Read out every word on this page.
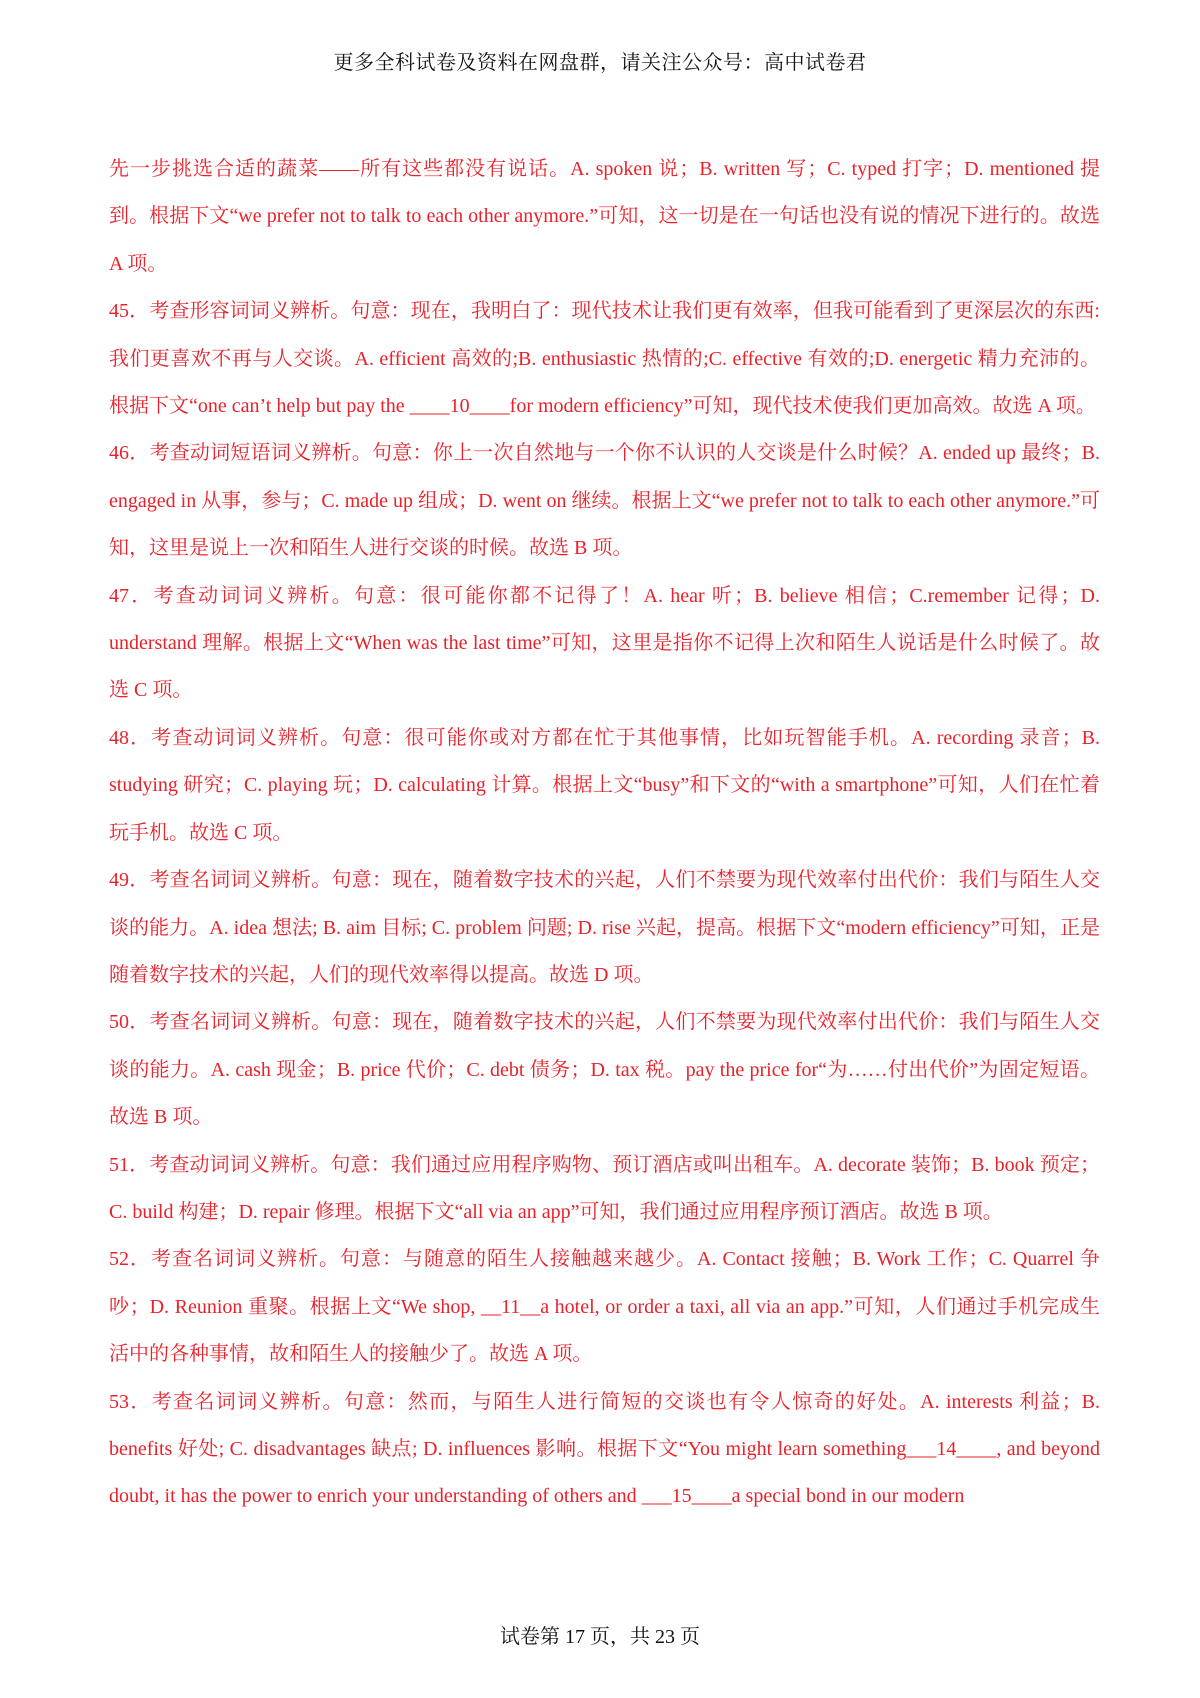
更多全科试卷及资料在网盘群，请关注公众号：高中试卷君

先一步挑选合适的蔬菜——所有这些都没有说话。A. spoken 说；B. written 写；C. typed 打字；D. mentioned 提到。根据下文“we prefer not to talk to each other anymore.”可知，这一切是在一句话也没有说的情况下进行的。故选 A 项。

45．考查形容词词义辨析。句意：现在，我明白了：现代技术让我们更有效率，但我可能看到了更深层次的东西:我们更喜欢不再与人交谈。A. efficient 高效的;B. enthusiastic 热情的;C. effective 有效的;D. energetic 精力充沛的。根据下文“one can’t help but pay the ____10____for modern efficiency”可知，现代技术使我们更加高效。故选 A 项。

46．考查动词短语词义辨析。句意：你上一次自然地与一个你不认识的人交谈是什么时候？A. ended up 最终；B. engaged in 从事，参与；C. made up 组成；D. went on 继续。根据上文“we prefer not to talk to each other anymore.”可知，这里是说上一次和陌生人进行交谈的时候。故选 B 项。

47．考查动词词义辨析。句意：很可能你都不记得了！A. hear 听；B. believe 相信；C.remember 记得；D. understand 理解。根据上文“When was the last time”可知，这里是指你不记得上次和陌生人说话是什么时候了。故选 C 项。

48．考查动词词义辨析。句意：很可能你或对方都在忙于其他事情，比如玩智能手机。A. recording 录音；B. studying 研究；C. playing 玩；D. calculating 计算。根据上文“busy”和下文的“with a smartphone”可知，人们在忙着玩手机。故选 C 项。

49．考查名词词义辨析。句意：现在，随着数字技术的兴起，人们不禁要为现代效率付出代价：我们与陌生人交谈的能力。A. idea 想法; B. aim 目标; C. problem 问题; D. rise 兴起，提高。根据下文“modern efficiency”可知，正是随着数字技术的兴起，人们的现代效率得以提高。故选 D 项。

50．考查名词词义辨析。句意：现在，随着数字技术的兴起，人们不禁要为现代效率付出代价：我们与陌生人交谈的能力。A. cash 现金；B. price 代价；C. debt 债务；D. tax 税。pay the price for“为……付出代价”为固定短语。故选 B 项。

51．考查动词词义辨析。句意：我们通过应用程序购物、预订酒店或叫出租车。A. decorate 装饰；B. book 预定；C. build 构建；D. repair 修理。根据下文“all via an app”可知，我们通过应用程序预订酒店。故选 B 项。

52．考查名词词义辨析。句意：与随意的陌生人接触越来越少。A. Contact 接触；B. Work 工作；C. Quarrel 争吵；D. Reunion 重聚。根据上文“We shop, __11__a hotel, or order a taxi, all via an app.”可知，人们通过手机完成生活中的各种事情，故和陌生人的接触少了。故选 A 项。

53．考查名词词义辨析。句意：然而，与陌生人进行简短的交谈也有令人惊奇的好处。A. interests 利益；B. benefits 好处; C. disadvantages 缺点; D. influences 影响。根据下文“You might learn something___14____, and beyond doubt, it has the power to enrich your understanding of others and ___15____a special bond in our modern

试卷第 17 页，共 23 页
